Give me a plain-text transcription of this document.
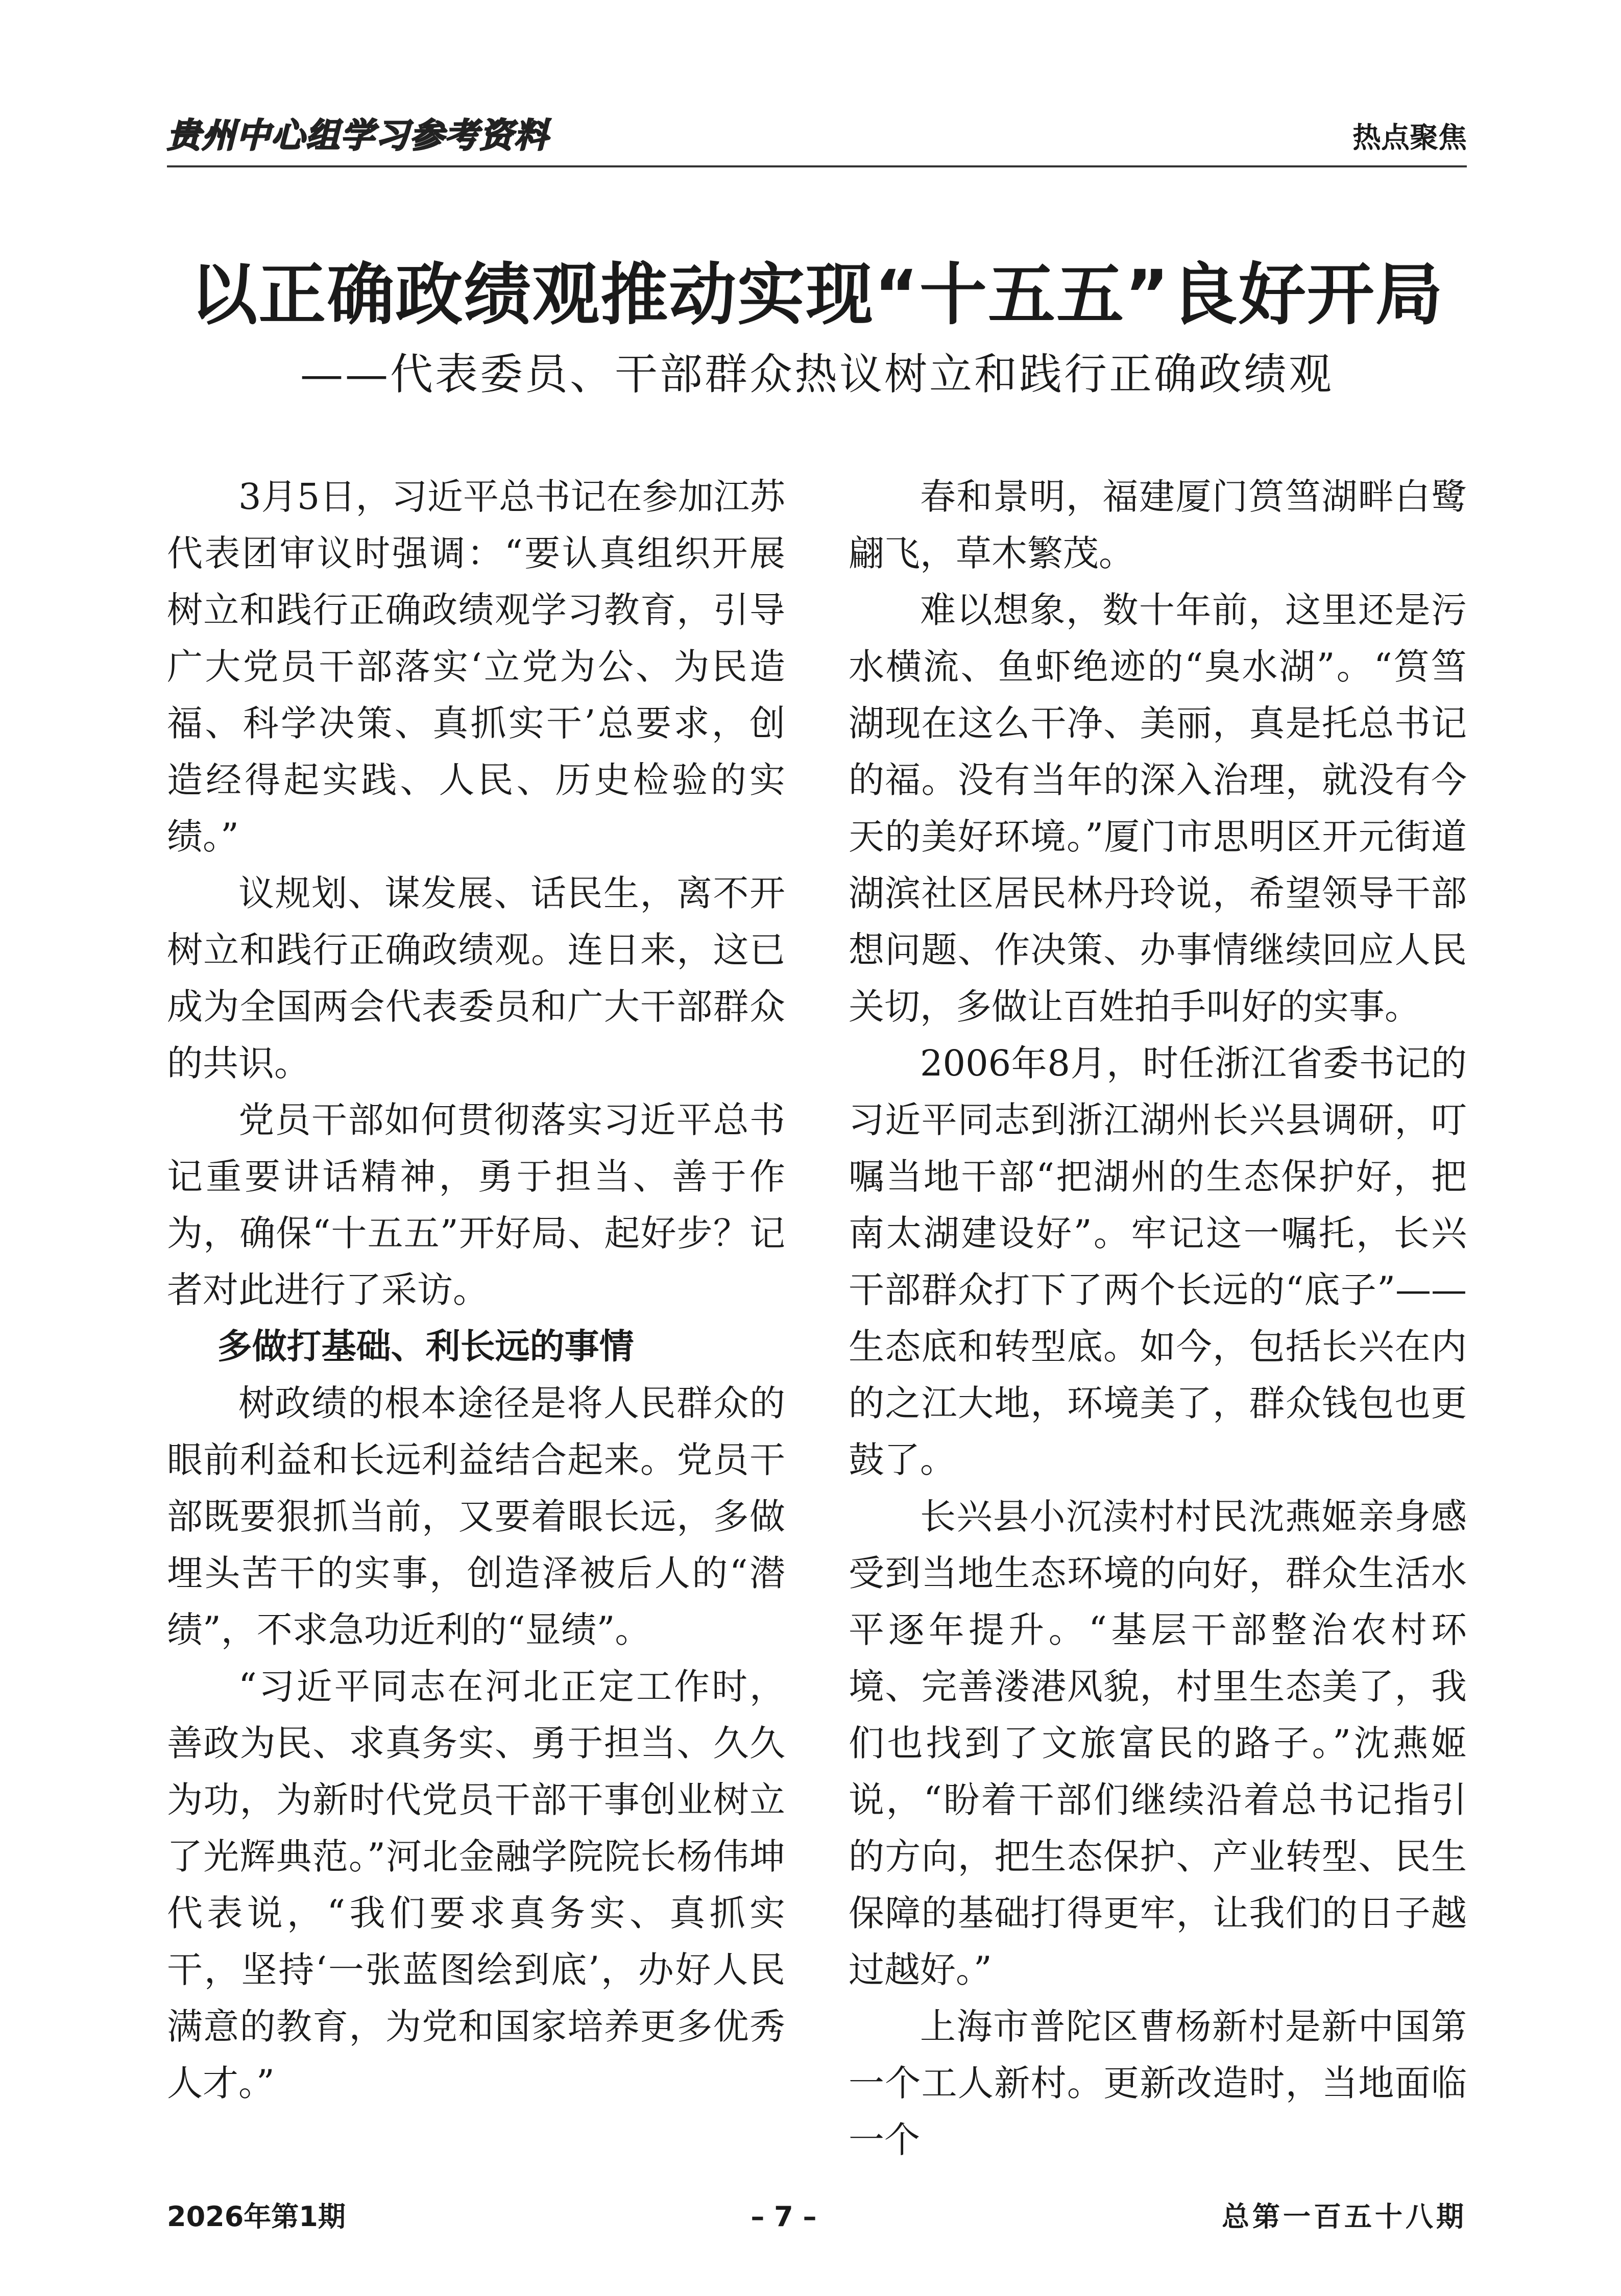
贵州中心组学习参考资料	热点聚焦
以正确政绩观推动实现“十五五”良好开局
——代表委员、干部群众热议树立和践行正确政绩观

3月5日，习近平总书记在参加江苏代表团审议时强调：“要认真组织开展树立和践行正确政绩观学习教育，引导广大党员干部落实‘立党为公、为民造福、科学决策、真抓实干’总要求，创造经得起实践、人民、历史检验的实绩。”

议规划、谋发展、话民生，离不开树立和践行正确政绩观。连日来，这已成为全国两会代表委员和广大干部群众的共识。

党员干部如何贯彻落实习近平总书记重要讲话精神，勇于担当、善于作为，确保“十五五”开好局、起好步？记者对此进行了采访。

多做打基础、利长远的事情

树政绩的根本途径是将人民群众的眼前利益和长远利益结合起来。党员干部既要狠抓当前，又要着眼长远，多做埋头苦干的实事，创造泽被后人的“潜绩”，不求急功近利的“显绩”。

“习近平同志在河北正定工作时，善政为民、求真务实、勇于担当、久久为功，为新时代党员干部干事创业树立了光辉典范。”河北金融学院院长杨伟坤代表说，“我们要求真务实、真抓实干，坚持‘一张蓝图绘到底’，办好人民满意的教育，为党和国家培养更多优秀人才。”

春和景明，福建厦门筼筜湖畔白鹭翩飞，草木繁茂。

难以想象，数十年前，这里还是污水横流、鱼虾绝迹的“臭水湖”。“筼筜湖现在这么干净、美丽，真是托总书记的福。没有当年的深入治理，就没有今天的美好环境。”厦门市思明区开元街道湖滨社区居民林丹玲说，希望领导干部想问题、作决策、办事情继续回应人民关切，多做让百姓拍手叫好的实事。

2006年8月，时任浙江省委书记的习近平同志到浙江湖州长兴县调研，叮嘱当地干部“把湖州的生态保护好，把南太湖建设好”。牢记这一嘱托，长兴干部群众打下了两个长远的“底子”——生态底和转型底。如今，包括长兴在内的之江大地，环境美了，群众钱包也更鼓了。

长兴县小沉渎村村民沈燕姬亲身感受到当地生态环境的向好，群众生活水平逐年提升。“基层干部整治农村环境、完善溇港风貌，村里生态美了，我们也找到了文旅富民的路子。”沈燕姬说，“盼着干部们继续沿着总书记指引的方向，把生态保护、产业转型、民生保障的基础打得更牢，让我们的日子越过越好。”

上海市普陀区曹杨新村是新中国第一个工人新村。更新改造时，当地面临一个

2026年第1期	– 7 –	总第一百五十八期
